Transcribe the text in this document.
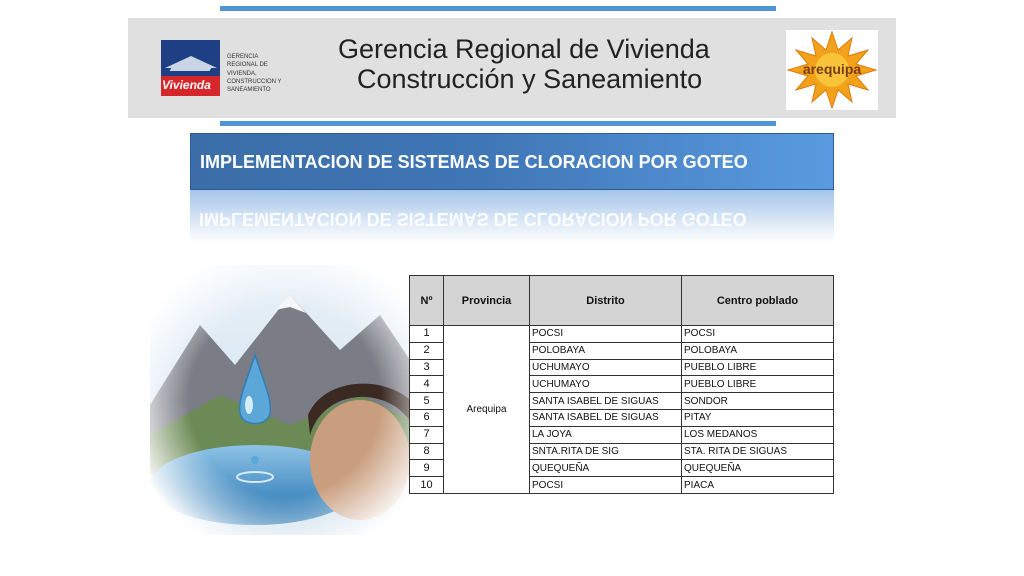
Vivienda
GERENCIA
REGIONAL DE
VIVIENDA,
CONSTRUCCION Y
SANEAMIENTO
Gerencia Regional de Vivienda
Construcción y Saneamiento	arequipa
IMPLEMENTACION DE SISTEMAS DE CLORACION POR GOTEO
IMPLEMENTACION DE SISTEMAS DE CLORACION POR GOTEO
Nº	Provincia	Distrito	Centro poblado
1	Arequipa	POCSI	POCSI
2		POLOBAYA	POLOBAYA
3		UCHUMAYO	PUEBLO LIBRE
4		UCHUMAYO	PUEBLO LIBRE
5		SANTA ISABEL DE SIGUAS	SONDOR
6		SANTA ISABEL DE SIGUAS	PITAY
7		LA JOYA	LOS MEDANOS
8		SNTA.RITA DE SIG	STA. RITA DE SIGUAS
9		QUEQUEÑA	QUEQUEÑA
10		POCSI	PIACA
